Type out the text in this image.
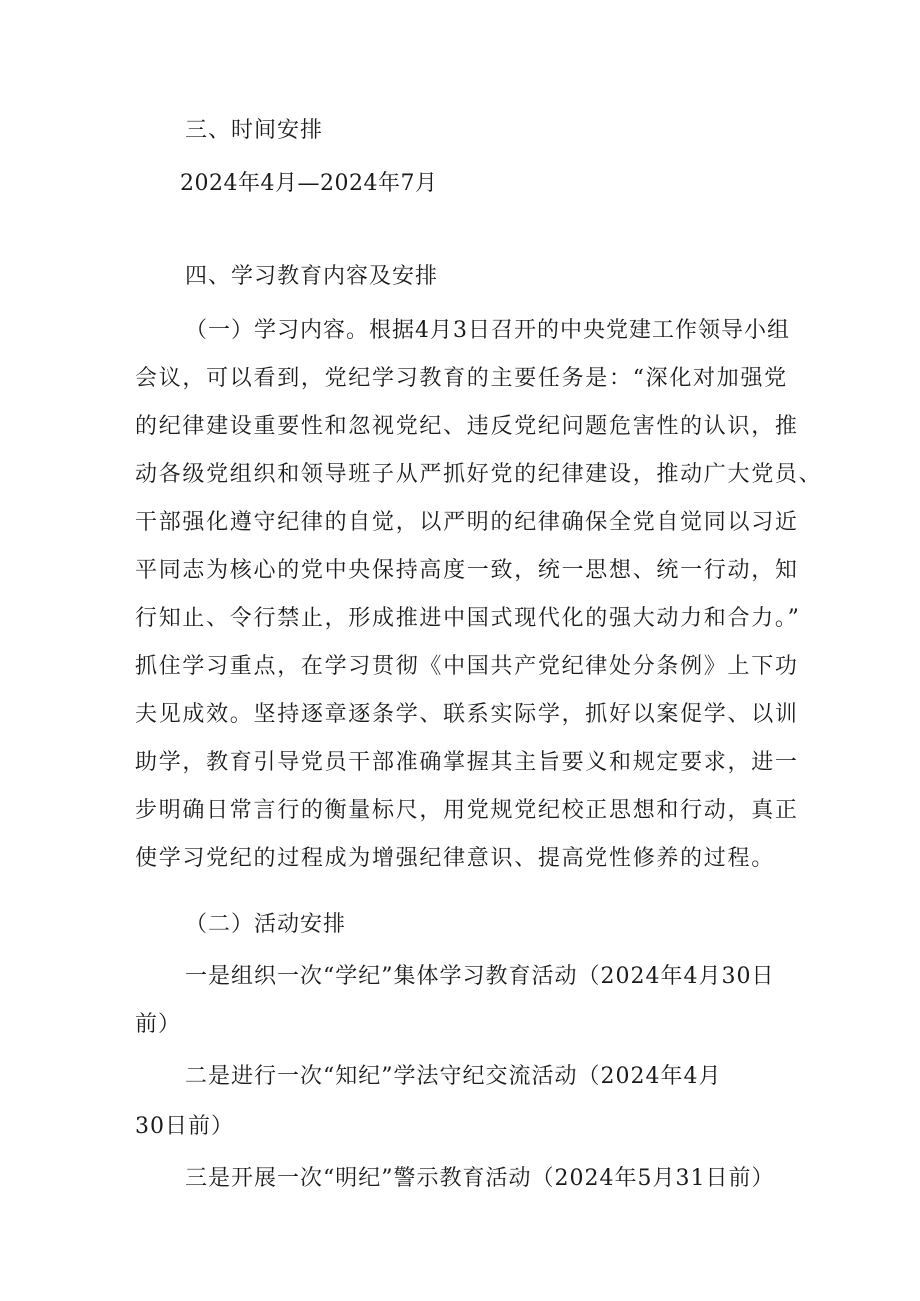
三、时间安排
2024年4月—2024年7月
四、学习教育内容及安排
（一）学习内容。根据4月3日召开的中央党建工作领导小组
会议，可以看到，党纪学习教育的主要任务是：“深化对加强党
的纪律建设重要性和忽视党纪、违反党纪问题危害性的认识，推
动各级党组织和领导班子从严抓好党的纪律建设，推动广大党员、
干部强化遵守纪律的自觉，以严明的纪律确保全党自觉同以习近
平同志为核心的党中央保持高度一致，统一思想、统一行动，知
行知止、令行禁止，形成推进中国式现代化的强大动力和合力。”
抓住学习重点，在学习贯彻《中国共产党纪律处分条例》上下功
夫见成效。坚持逐章逐条学、联系实际学，抓好以案促学、以训
助学，教育引导党员干部准确掌握其主旨要义和规定要求，进一
步明确日常言行的衡量标尺，用党规党纪校正思想和行动，真正
使学习党纪的过程成为增强纪律意识、提高党性修养的过程。
（二）活动安排
一是组织一次“学纪”集体学习教育活动（2024年4月30日
前）
二是进行一次“知纪”学法守纪交流活动（2024年4月
30日前）
三是开展一次“明纪”警示教育活动（2024年5月31日前）
